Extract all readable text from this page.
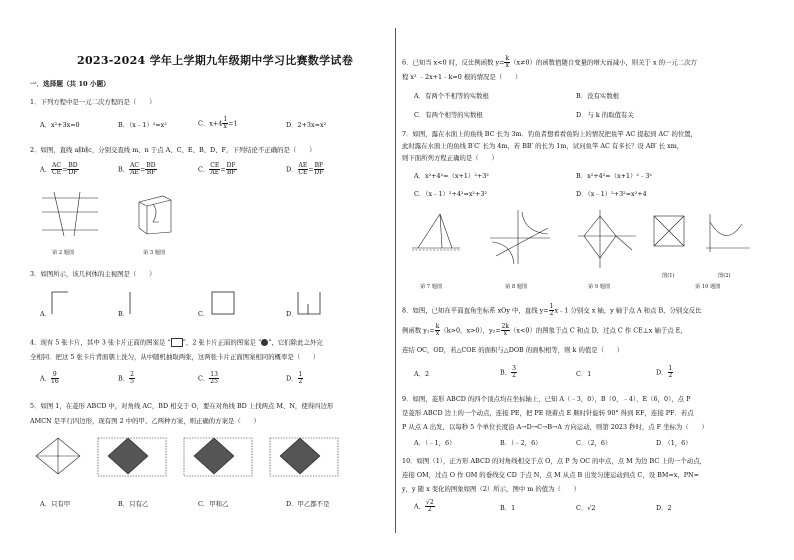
2023-2024 学年上学期九年级期中学习比赛数学试卷
一．选择题（共 10 小题）
1．下列方程中是一元二次方程的是（　　）
A．x²+3x=0	B．（x﹣1）²=x²	C．$x+4 \frac{1}{x} =1$	D．2+3x=x²
2．如图，直线 a∥b∥c，分别交直线 m、n 于点 A、C、E、B、D、F，下列结论不正确的是（　　）
A． $\frac{AC}{CE} = \frac{BD}{DF}$	B． $\frac{AC}{AE} = \frac{BD}{BF}$	C． $\frac{CE}{AE} = \frac{DF}{BF}$	D． $\frac{AE}{CE} = \frac{BF}{DF}$
第 2 题图	第 3 题图
3．如图所示，该几何体的主视图是（　　）
A．	B．	C．	D．
4．现有 5 张卡片，其中 3 张卡片正面的图案是 “ ”，2 张卡片正面的图案是 “ ”，它们除此之外完
全相同．把这 5 张卡片背面朝上洗匀，从中随机抽取两张，这两张卡片正面图案相同的概率是（　　）
A． $\frac{9}{16}$	B． $\frac{2}{5}$	C． $\frac{13}{25}$	D． $\frac{1}{2}$
5．如图 1，在菱形 ABCD 中，对角线 AC，BD 相交于 O，要在对角线 BD 上找两点 M、N，使得四边形
AMCN 是平行四边形，现有图 2 中的甲、乙两种方案，则正确的方案是（　　）
A．只有甲	B．只有乙	C．甲和乙	D．甲乙都不是
6．已知当 x<0 时，反比例函数 $y= \frac{k}{x} (x\ne 0)$的函数值随自变量的增大而减小，则关于 x 的一元二次方
程 x² ﹣2x+1﹣k=0 根的情况是（　　）
A．有两个不相等的实数根	B．没有实数根
C．有两个相等的实数根	D．与 k 的取值有关
7．如图，露在水面上的鱼线 BC 长为 3m．钓鱼者想看看鱼钩上的情况把鱼竿 AC 提起到 AC′ 的位置，
此时露在水面上的鱼线 B′C′ 长为 4m，若 BB′ 的长为 1m，试问鱼竿 AC 有多长？设 AB′ 长 xm，
则下面所列方程正确的是（　　）
A．x²+4²=（x+1）²+3²	B．x²+4²=（x+1）²﹣3²
C．（x﹣1）²+4²=x²+3²	D．（x﹣1）²+3²=x²+4
第 7 题图	第 8 题图	第 9 题图	第 10 题图
图(1)	图(2)
8．如图，已知在平面直角坐标系 xOy 中，直线 $y= \frac{1}{2}$ x﹣1 分别交 x 轴，y 轴于点 A 和点 B，分别交反比
例函数 $y_1= \frac{k}{x} (k>0$，x>0），$y_2= \frac{2k}{x} (x<0)$的图象于点 C 和点 D，过点 C 作 CE⊥x 轴于点 E，
连结 OC，OD，若△COE 的面积与△DOB 的面积相等，则 k 的值是（　　）
A．2	B． $\frac{3}{2}$	C．1	D． $\frac{1}{2}$
9．如图，菱形 ABCD 的四个顶点均在坐标轴上，已知 A（﹣3，0），B（0，﹣4），E（6，0），点 P
是菱形 ABCD 边上的一个动点，连接 PE，把 PE 绕着点 E 顺时针旋转 90° 得到 EF，连接 PF．若点
P 从点 A 出发，以每秒 5 个单位长度沿 A→D→C→B→A 方向运动，则第 2023 秒时，点 F 坐标为（　　）
A．（﹣1，6）	B．（﹣2，6）	C．（2，6）	D．（1，6）
10．如图（1），正方形 ABCD 的对角线相交于点 O，点 P 为 OC 的中点，点 M 为边 BC 上的一个动点，
连接 OM，过点 O 作 OM 的垂线交 CD 于点 N，点 M 从点 B 出发匀速运动到点 C，设 BM=x，PN=
y，y 随 x 变化的图象如图（2）所示，图中 m 的值为（　　）
A． $\frac{√2}{2}$	B．1	C．√2	D．2
